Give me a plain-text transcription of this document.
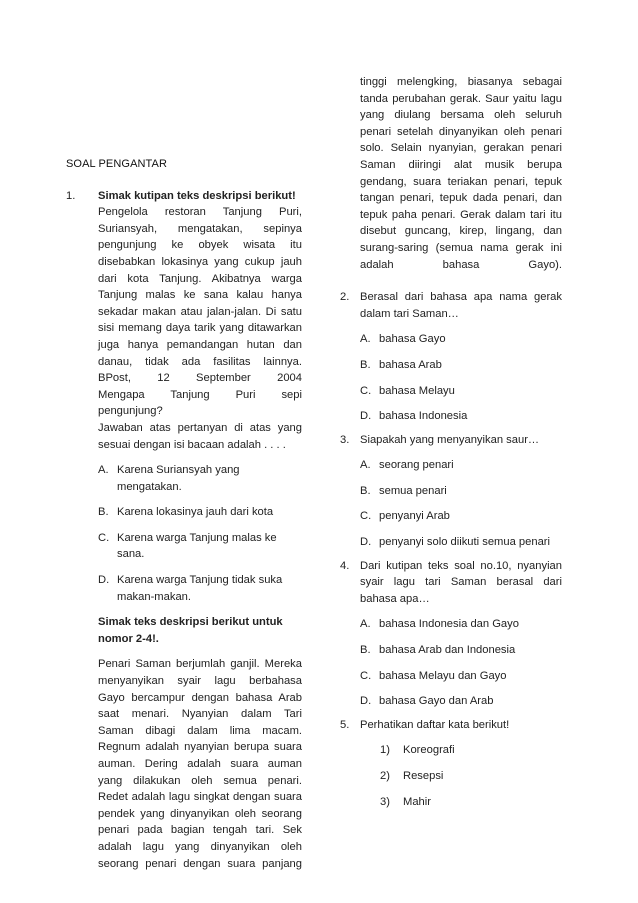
SOAL PENGANTAR
1.	Simak kutipan teks deskripsi berikut!
Pengelola restoran Tanjung Puri,
Suriansyah, mengatakan, sepinya
pengunjung ke obyek wisata itu
disebabkan lokasinya yang cukup jauh
dari kota Tanjung. Akibatnya warga
Tanjung malas ke sana kalau hanya
sekadar makan atau jalan-jalan. Di satu
sisi memang daya tarik yang ditawarkan
juga hanya pemandangan hutan dan
danau, tidak ada fasilitas lainnya.
BPost, 12 September 2004
Mengapa Tanjung Puri sepi
pengunjung?
Jawaban atas pertanyan di atas yang
sesuai dengan isi bacaan adalah . . . .
A. Karena Suriansyah yang
mengatakan.
B. Karena lokasinya jauh dari kota
C. Karena warga Tanjung malas ke
sana.
D. Karena warga Tanjung tidak suka
makan-makan.
Simak teks deskripsi berikut untuk
nomor 2-4!.
Penari Saman berjumlah ganjil. Mereka
menyanyikan syair lagu berbahasa
Gayo bercampur dengan bahasa Arab
saat menari. Nyanyian dalam Tari
Saman dibagi dalam lima macam.
Regnum adalah nyanyian berupa suara
auman. Dering adalah suara auman
yang dilakukan oleh semua penari.
Redet adalah lagu singkat dengan suara
pendek yang dinyanyikan oleh seorang
penari pada bagian tengah tari. Sek
adalah lagu yang dinyanyikan oleh
seorang penari dengan suara panjang
tinggi melengking, biasanya sebagai
tanda perubahan gerak. Saur yaitu lagu
yang diulang bersama oleh seluruh
penari setelah dinyanyikan oleh penari
solo. Selain nyanyian, gerakan penari
Saman diiringi alat musik berupa
gendang, suara teriakan penari, tepuk
tangan penari, tepuk dada penari, dan
tepuk paha penari. Gerak dalam tari itu
disebut guncang, kirep, lingang, dan
surang-saring (semua nama gerak ini
adalah bahasa Gayo).
2. Berasal dari bahasa apa nama gerak
dalam tari Saman…
A. bahasa Gayo
B. bahasa Arab
C. bahasa Melayu
D. bahasa Indonesia
3. Siapakah yang menyanyikan saur…
A. seorang penari
B. semua penari
C. penyanyi Arab
D. penyanyi solo diikuti semua penari
4. Dari kutipan teks soal no.10, nyanyian
syair lagu tari Saman berasal dari
bahasa apa…
A. bahasa Indonesia dan Gayo
B. bahasa Arab dan Indonesia
C. bahasa Melayu dan Gayo
D. bahasa Gayo dan Arab
5. Perhatikan daftar kata berikut!
1)	Koreografi
2)	Resepsi
3)	Mahir
